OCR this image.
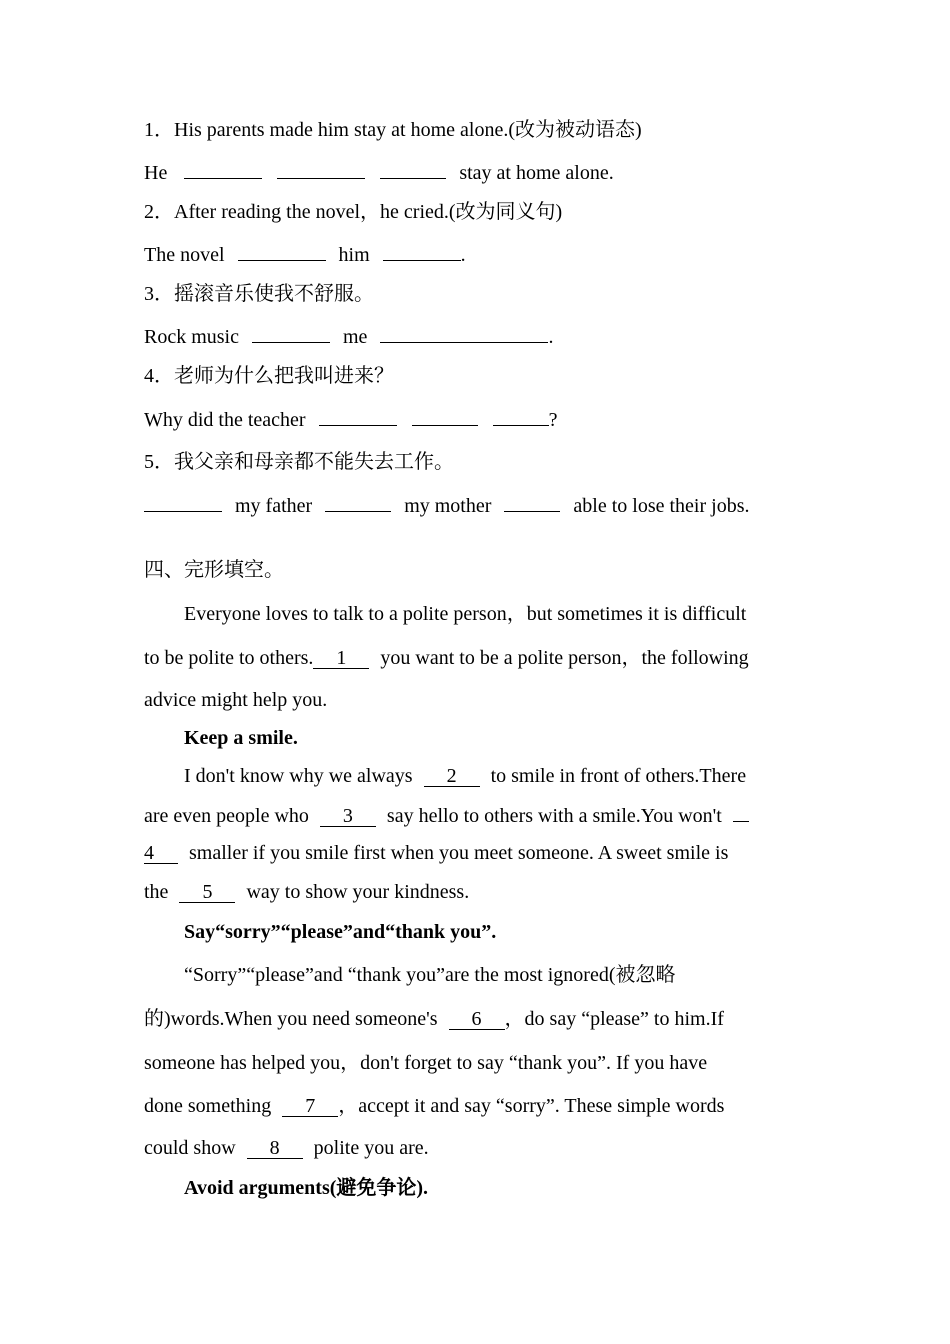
1．His parents made him stay at home alone.(改为被动语态)
He	stay at home alone.
2．After reading the novel，he cried.(改为同义句)
The novel	him	.
3．摇滚音乐使我不舒服。
Rock music	me	.
4．老师为什么把我叫进来？
Why did the teacher	?
5．我父亲和母亲都不能失去工作。
my father	my mother	able to lose their jobs.
四、完形填空。
Everyone loves to talk to a polite person，but sometimes it is difficult
to be polite to others. 1 you want to be a polite person，the following
advice might help you.
Keep a smile.
I don't know why we always 2 to smile in front of others.There
are even people who 3 say hello to others with a smile.You won't
4 smaller if you smile first when you meet someone. A sweet smile is
the 5 way to show your kindness.
Say“sorry”“please”and“thank you”.
“Sorry”“please”and “thank you”are the most ignored(被忽略
的)words.When you need someone's 6 ，do say “please” to him.If
someone has helped you，don't forget to say “thank you”. If you have
done something 7 ，accept it and say “sorry”. These simple words
could show 8 polite you are.
Avoid arguments(避免争论).
